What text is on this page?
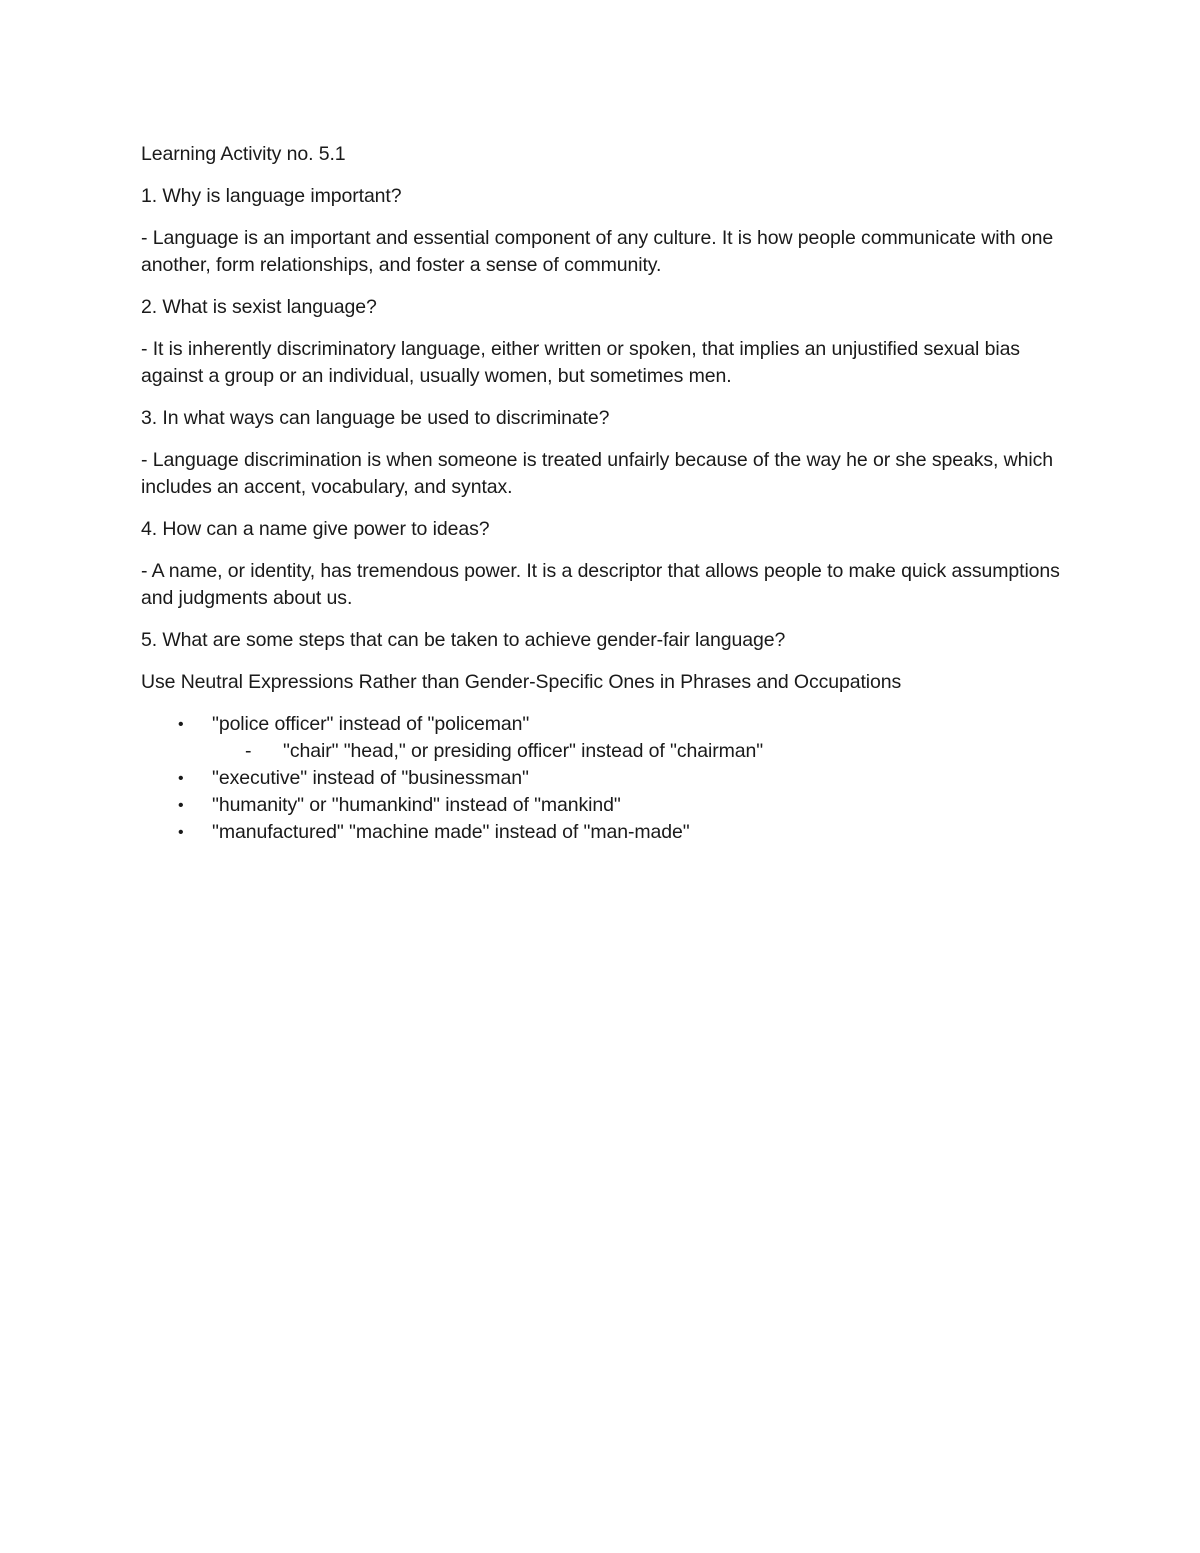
Learning Activity no. 5.1
1. Why is language important?
- Language is an important and essential component of any culture. It is how people communicate with one another, form relationships, and foster a sense of community.
2. What is sexist language?
- It is inherently discriminatory language, either written or spoken, that implies an unjustified sexual bias against a group or an individual, usually women, but sometimes men.
3. In what ways can language be used to discriminate?
- Language discrimination is when someone is treated unfairly because of the way he or she speaks, which includes an accent, vocabulary, and syntax.
4. How can a name give power to ideas?
- A name, or identity, has tremendous power. It is a descriptor that allows people to make quick assumptions and judgments about us.
5. What are some steps that can be taken to achieve gender-fair language?
Use Neutral Expressions Rather than Gender-Specific Ones in Phrases and Occupations
• "police officer" instead of "policeman"
- "chair" "head," or presiding officer" instead of "chairman"
• "executive" instead of "businessman"
• "humanity" or "humankind" instead of "mankind"
• "manufactured" "machine made" instead of "man-made"
